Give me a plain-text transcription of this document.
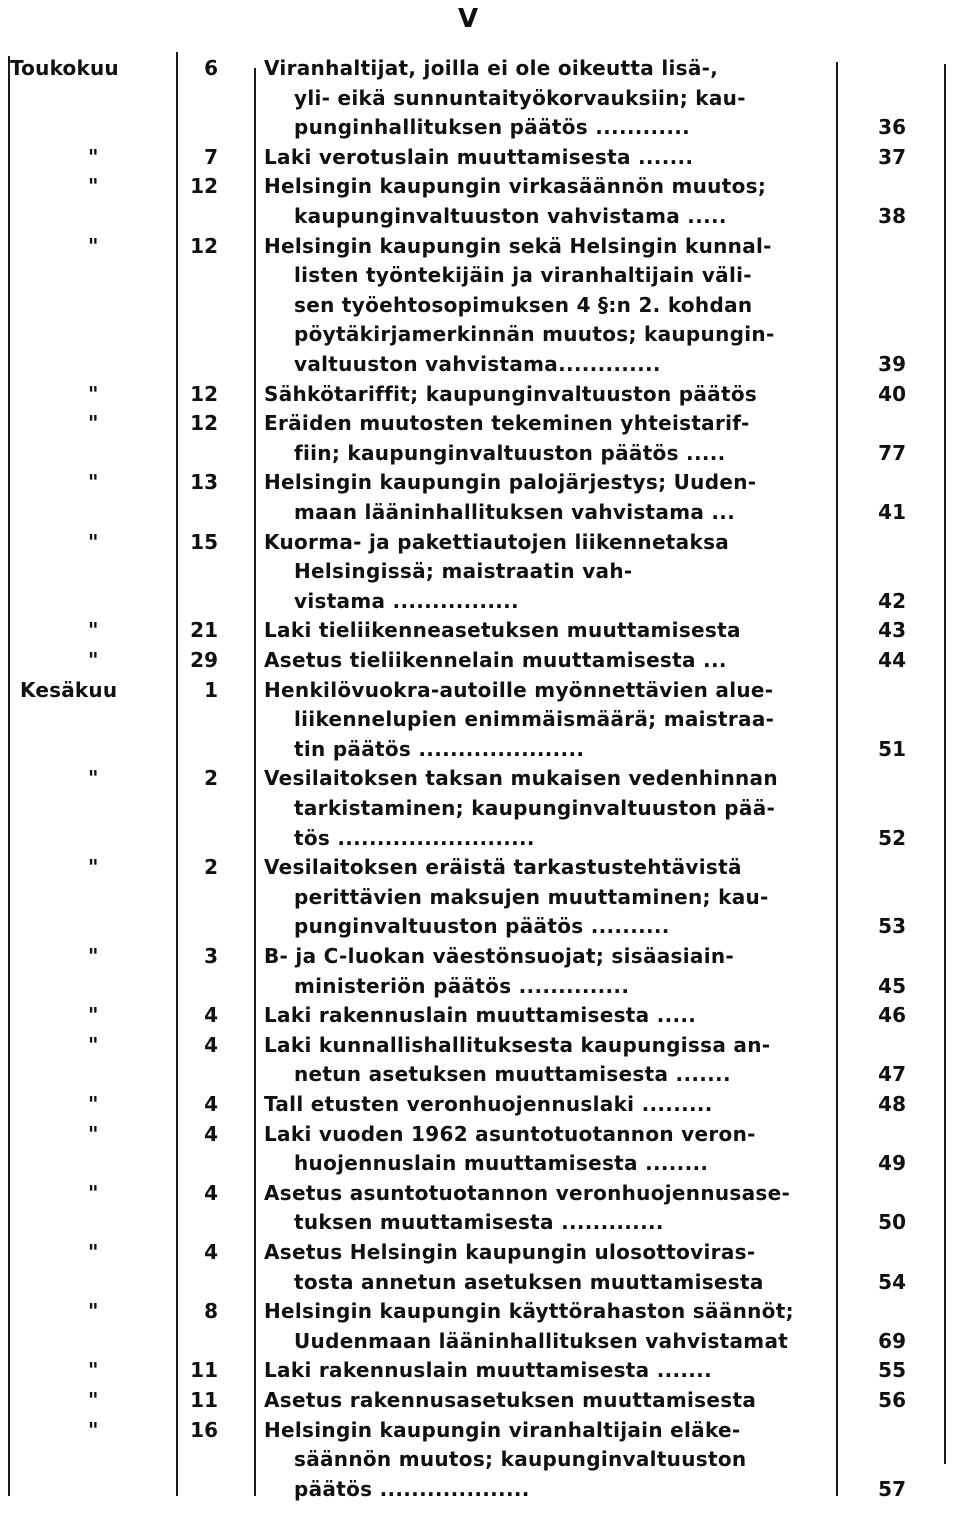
V
Toukokuu	6 Viranhaltijat, joilla ei ole oikeutta lisä-,
yli- eikä sunnuntaityökorvauksiin; kau-
punginhallituksen päätös ............	36
"	7 Laki verotuslain muuttamisesta .......	37
"	12 Helsingin kaupungin virkasäännön muutos;
kaupunginvaltuuston vahvistama .....	38
"	12 Helsingin kaupungin sekä Helsingin kunnal-
listen työntekijäin ja viranhaltijain väli-
sen työehtosopimuksen 4 §:n 2. kohdan
pöytäkirjamerkinnän muutos; kaupungin-
valtuuston vahvistama.............	39
"	12 Sähkötariffit; kaupunginvaltuuston päätös	40
"	12 Eräiden muutosten tekeminen yhteistarif-
fiin; kaupunginvaltuuston päätös .....	77
"	13 Helsingin kaupungin palojärjestys; Uuden-
maan lääninhallituksen vahvistama ...	41
"	15 Kuorma- ja pakettiautojen liikennetaksa
Helsingissä; maistraatin vah-
vistama ................	42
"	21 Laki tieliikenneasetuksen muuttamisesta	43
"	29 Asetus tieliikennelain muuttamisesta ...	44
Kesäkuu	1 Henkilövuokra-autoille myönnettävien alue-
liikennelupien enimmäismäärä; maistraa-
tin päätös .....................	51
"	2 Vesilaitoksen taksan mukaisen vedenhinnan
tarkistaminen; kaupunginvaltuuston pää-
tös .........................	52
"	2 Vesilaitoksen eräistä tarkastustehtävistä
perittävien maksujen muuttaminen; kau-
punginvaltuuston päätös ..........	53
"	3 B- ja C-luokan väestönsuojat; sisäasiain-
ministeriön päätös ..............	45
"	4 Laki rakennuslain muuttamisesta .....	46
"	4 Laki kunnallishallituksesta kaupungissa an-
netun asetuksen muuttamisesta .......	47
"	4 Tall etusten veronhuojennuslaki .........	48
"	4 Laki vuoden 1962 asuntotuotannon veron-
huojennuslain muuttamisesta ........	49
"	4 Asetus asuntotuotannon veronhuojennusase-
tuksen muuttamisesta .............	50
"	4 Asetus Helsingin kaupungin ulosottoviras-
tosta annetun asetuksen muuttamisesta	54
"	8 Helsingin kaupungin käyttörahaston säännöt;
Uudenmaan lääninhallituksen vahvistamat	69
"	11 Laki rakennuslain muuttamisesta .......	55
"	11 Asetus rakennusasetuksen muuttamisesta	56
"	16 Helsingin kaupungin viranhaltijain eläke-
säännön muutos; kaupunginvaltuuston
päätös ...................	57
